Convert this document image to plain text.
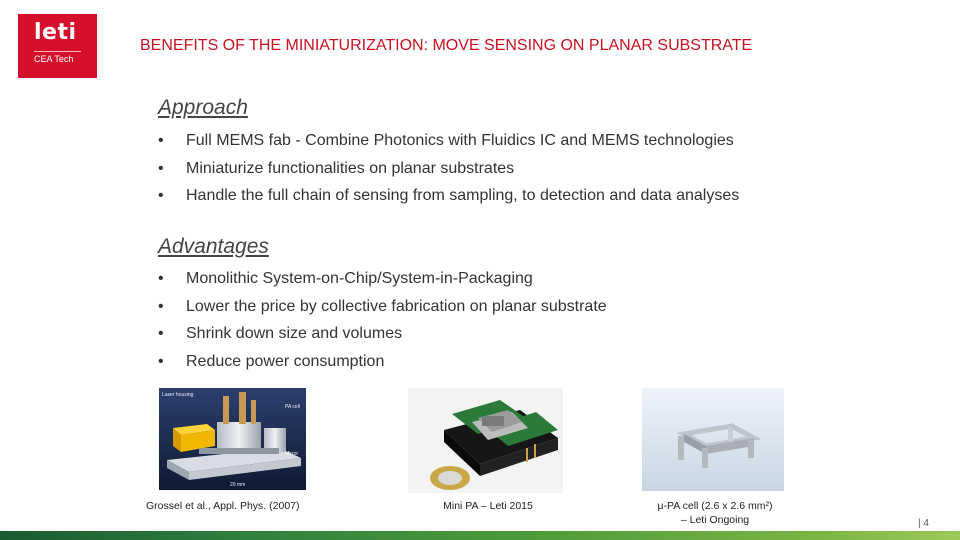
leti
CEA Tech
BENEFITS OF THE MINIATURIZATION: MOVE SENSING ON PLANAR SUBSTRATE
Approach
• Full MEMS fab - Combine Photonics with Fluidics IC and MEMS technologies
• Miniaturize functionalities on planar substrates
• Handle the full chain of sensing from sampling, to detection and data analyses
Advantages
• Monolithic System-on-Chip/System-in-Packaging
• Lower the price by collective fabrication on planar substrate
• Shrink down size and volumes
• Reduce power consumption
Laser housing
PA cell
Mirror
20 mm
Grossel et al., Appl. Phys. (2007)	Mini PA – Leti 2015	μ-PA cell (2.6 x 2.6 mm²)
– Leti Ongoing	| 4
